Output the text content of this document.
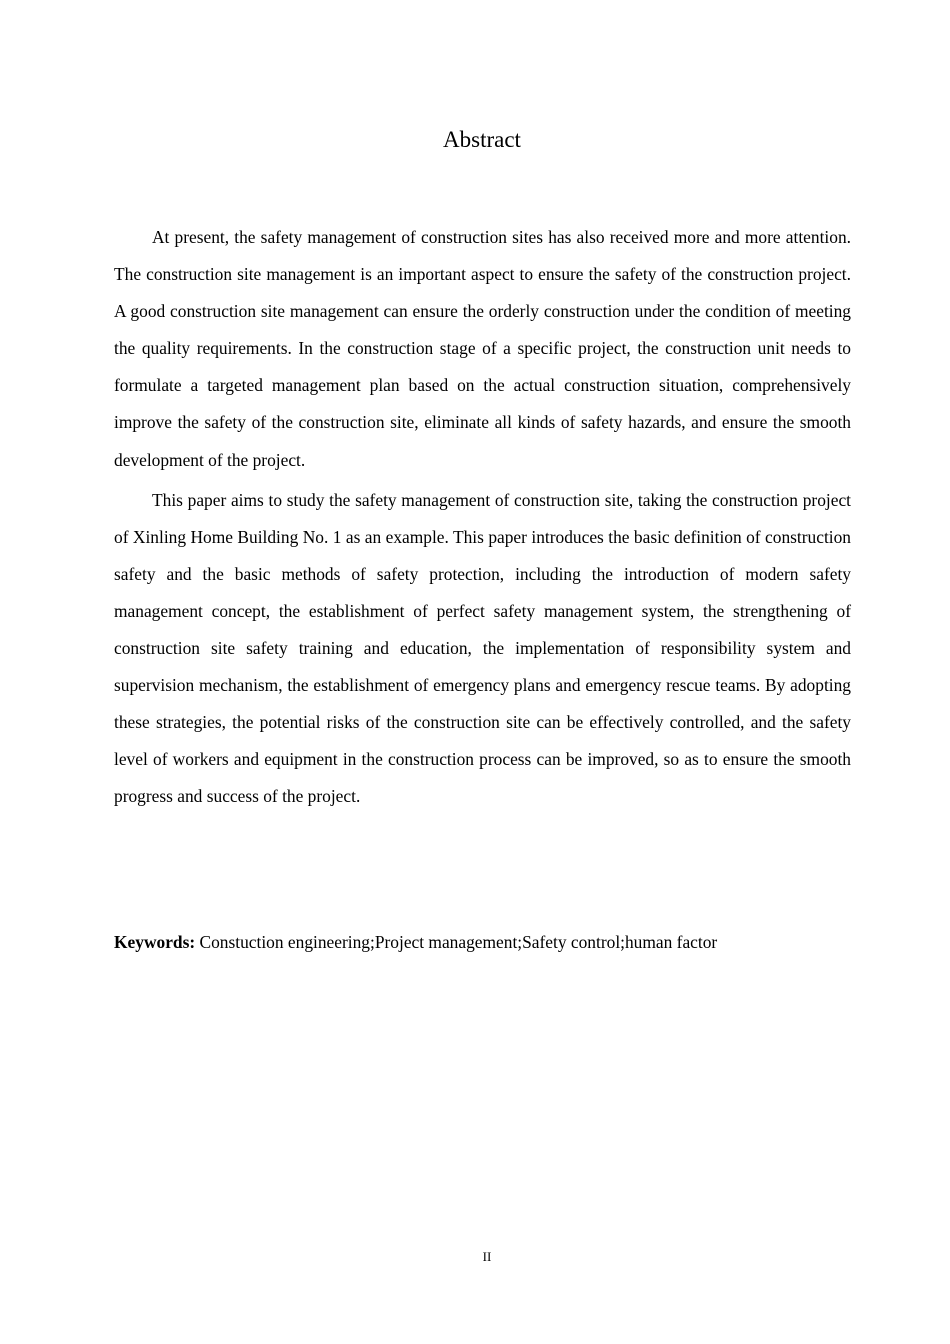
Abstract

At present, the safety management of construction sites has also received more and more attention. The construction site management is an important aspect to ensure the safety of the construction project. A good construction site management can ensure the orderly construction under the condition of meeting the quality requirements. In the construction stage of a specific project, the construction unit needs to formulate a targeted management plan based on the actual construction situation, comprehensively improve the safety of the construction site, eliminate all kinds of safety hazards, and ensure the smooth development of the project.

This paper aims to study the safety management of construction site, taking the construction project of Xinling Home Building No. 1 as an example. This paper introduces the basic definition of construction safety and the basic methods of safety protection, including the introduction of modern safety management concept, the establishment of perfect safety management system, the strengthening of construction site safety training and education, the implementation of responsibility system and supervision mechanism, the establishment of emergency plans and emergency rescue teams. By adopting these strategies, the potential risks of the construction site can be effectively controlled, and the safety level of workers and equipment in the construction process can be improved, so as to ensure the smooth progress and success of the project.

Keywords: Constuction engineering;Project management;Safety control;human factor
II
